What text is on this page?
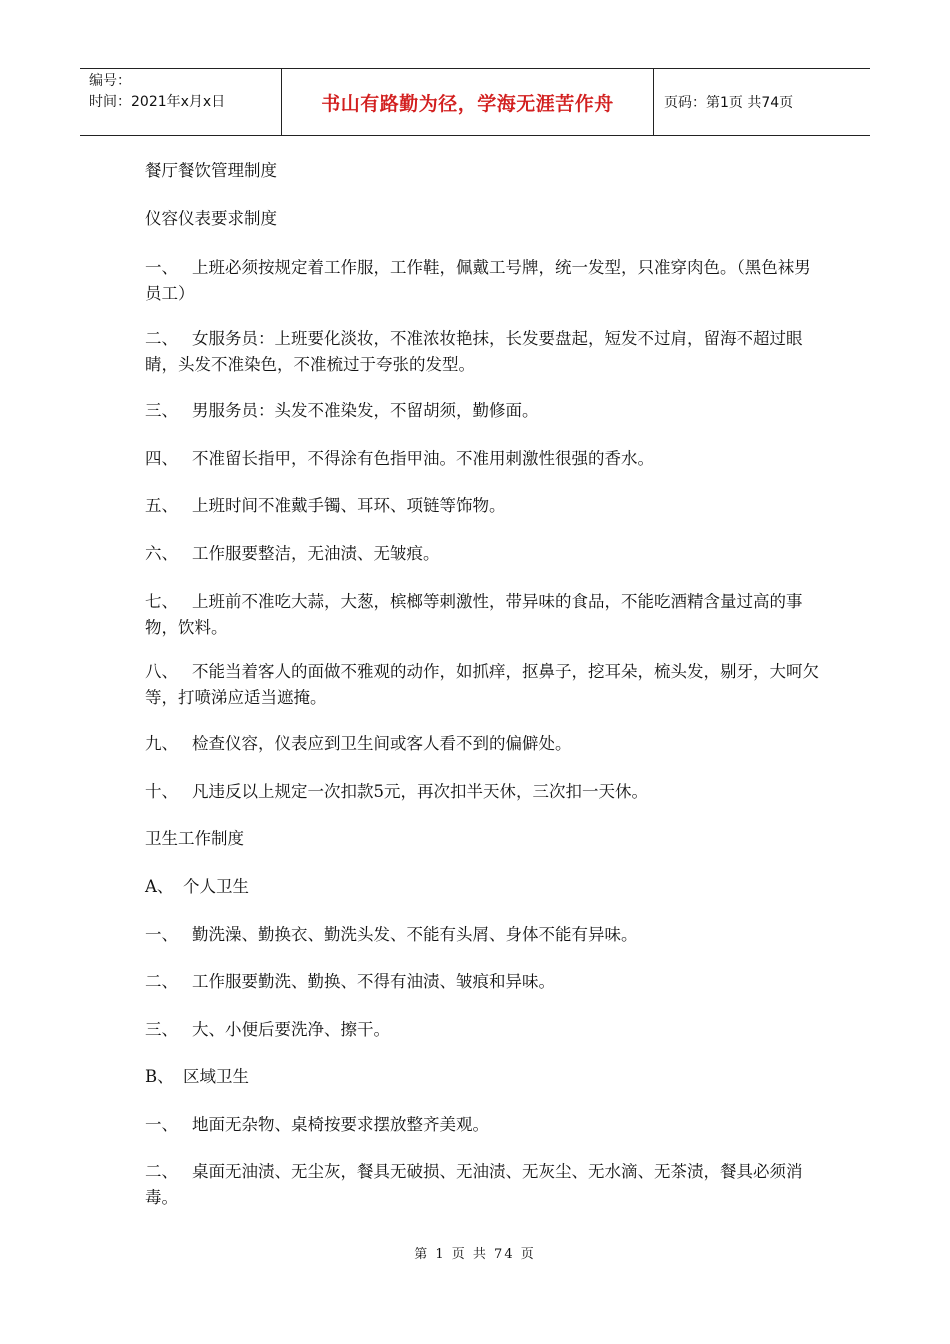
编号：
时间：2021年x月x日	书山有路勤为径，学海无涯苦作舟	页码：第1页 共74页
餐厅餐饮管理制度
仪容仪表要求制度
一、 上班必须按规定着工作服，工作鞋，佩戴工号牌，统一发型，只准穿肉色。（黑色袜男员工）
二、 女服务员：上班要化淡妆，不准浓妆艳抹，长发要盘起，短发不过肩，留海不超过眼睛，头发不准染色，不准梳过于夸张的发型。
三、 男服务员：头发不准染发，不留胡须，勤修面。
四、 不准留长指甲，不得涂有色指甲油。不准用刺激性很强的香水。
五、 上班时间不准戴手镯、耳环、项链等饰物。
六、 工作服要整洁，无油渍、无皱痕。
七、 上班前不准吃大蒜，大葱，槟榔等刺激性，带异味的食品，不能吃酒精含量过高的事物，饮料。
八、 不能当着客人的面做不雅观的动作，如抓痒，抠鼻子，挖耳朵，梳头发，剔牙，大呵欠等，打喷涕应适当遮掩。
九、 检查仪容，仪表应到卫生间或客人看不到的偏僻处。
十、 凡违反以上规定一次扣款5元，再次扣半天休，三次扣一天休。
卫生工作制度
A、 个人卫生
一、 勤洗澡、勤换衣、勤洗头发、不能有头屑、身体不能有异味。
二、 工作服要勤洗、勤换、不得有油渍、皱痕和异味。
三、 大、小便后要洗净、擦干。
B、 区域卫生
一、 地面无杂物、桌椅按要求摆放整齐美观。
二、 桌面无油渍、无尘灰，餐具无破损、无油渍、无灰尘、无水滴、无茶渍，餐具必须消毒。
第 1 页 共 74 页
